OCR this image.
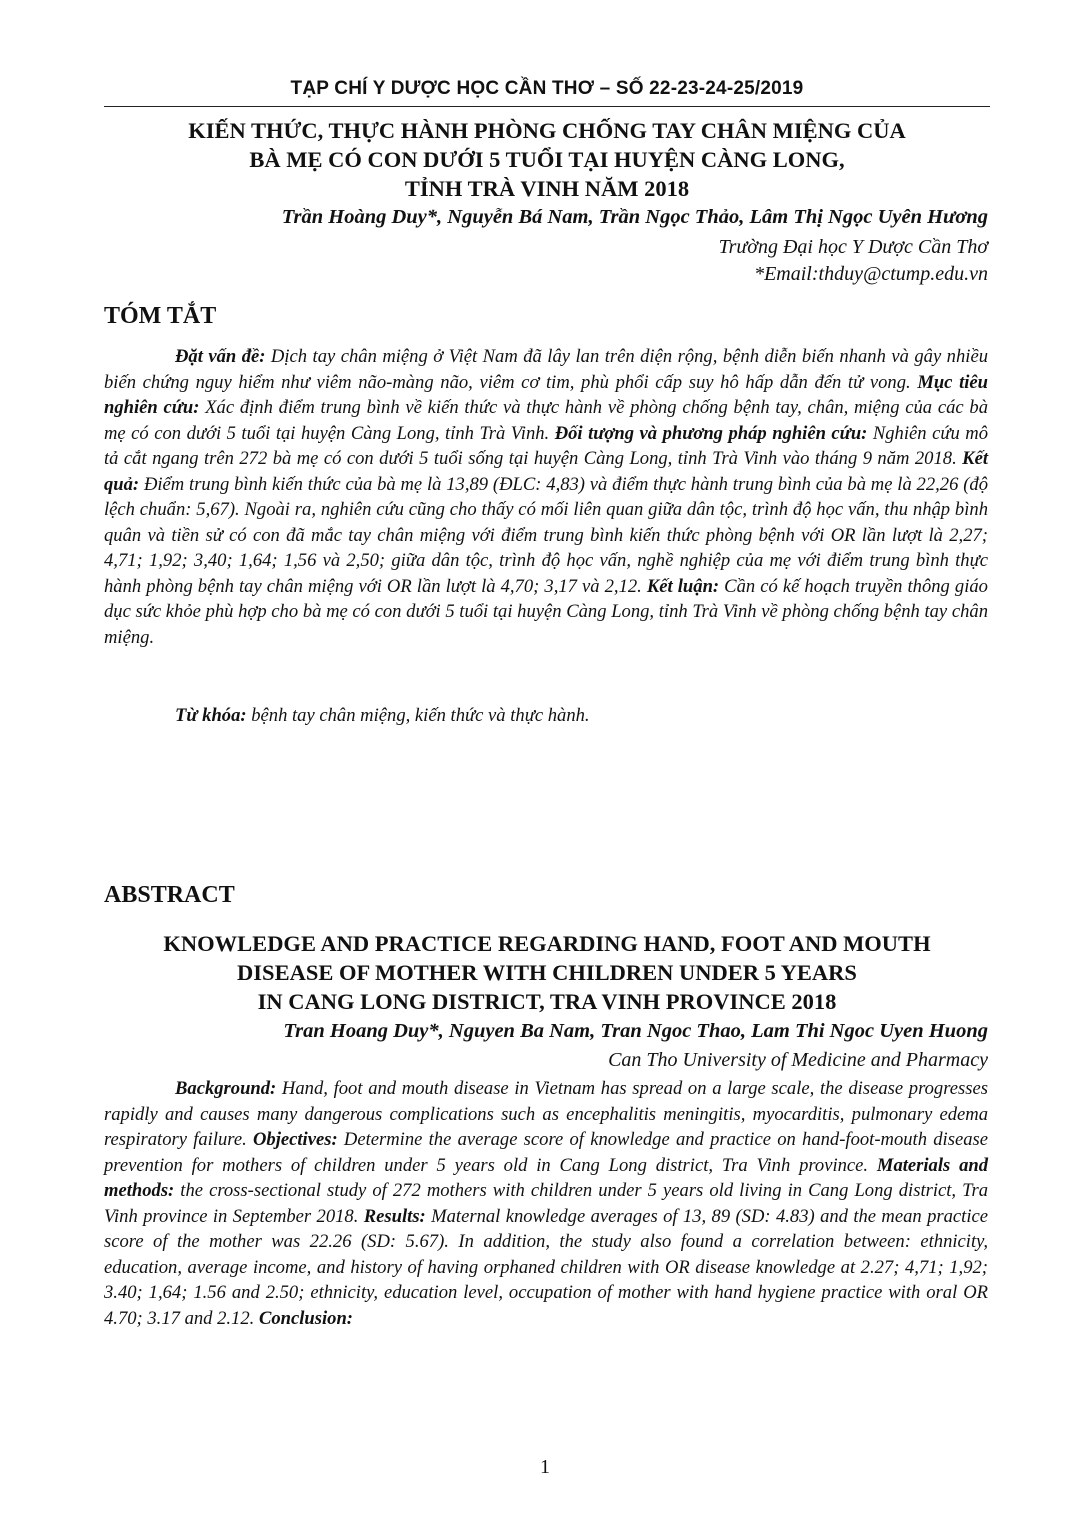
TẠP CHÍ Y DƯỢC HỌC CẦN THƠ – SỐ 22-23-24-25/2019
KIẾN THỨC, THỰC HÀNH PHÒNG CHỐNG TAY CHÂN MIỆNG CỦA
BÀ MẸ CÓ CON DƯỚI 5 TUỔI TẠI HUYỆN CÀNG LONG,
TỈNH TRÀ VINH NĂM 2018
Trần Hoàng Duy*, Nguyễn Bá Nam, Trần Ngọc Thảo, Lâm Thị Ngọc Uyên Hương
Trường Đại học Y Dược Cần Thơ
*Email:thduy@ctump.edu.vn
TÓM TẮT
Đặt vấn đề: Dịch tay chân miệng ở Việt Nam đã lây lan trên diện rộng, bệnh diễn biến nhanh và gây nhiều biến chứng nguy hiểm như viêm não-màng não, viêm cơ tim, phù phổi cấp suy hô hấp dẫn đến tử vong. Mục tiêu nghiên cứu: Xác định điểm trung bình về kiến thức và thực hành về phòng chống bệnh tay, chân, miệng của các bà mẹ có con dưới 5 tuổi tại huyện Càng Long, tỉnh Trà Vinh. Đối tượng và phương pháp nghiên cứu: Nghiên cứu mô tả cắt ngang trên 272 bà mẹ có con dưới 5 tuổi sống tại huyện Càng Long, tỉnh Trà Vinh vào tháng 9 năm 2018. Kết quả: Điểm trung bình kiến thức của bà mẹ là 13,89 (ĐLC: 4,83) và điểm thực hành trung bình của bà mẹ là 22,26 (độ lệch chuẩn: 5,67). Ngoài ra, nghiên cứu cũng cho thấy có mối liên quan giữa dân tộc, trình độ học vấn, thu nhập bình quân và tiền sử có con đã mắc tay chân miệng với điểm trung bình kiến thức phòng bệnh với OR lần lượt là 2,27; 4,71; 1,92; 3,40; 1,64; 1,56 và 2,50; giữa dân tộc, trình độ học vấn, nghề nghiệp của mẹ với điểm trung bình thực hành phòng bệnh tay chân miệng với OR lần lượt là 4,70; 3,17 và 2,12. Kết luận: Cần có kế hoạch truyền thông giáo dục sức khỏe phù hợp cho bà mẹ có con dưới 5 tuổi tại huyện Càng Long, tỉnh Trà Vinh về phòng chống bệnh tay chân miệng.
Từ khóa: bệnh tay chân miệng, kiến thức và thực hành.
ABSTRACT
KNOWLEDGE AND PRACTICE REGARDING HAND, FOOT AND MOUTH
DISEASE OF MOTHER WITH CHILDREN UNDER 5 YEARS
IN CANG LONG DISTRICT, TRA VINH PROVINCE 2018
Tran Hoang Duy*, Nguyen Ba Nam, Tran Ngoc Thao, Lam Thi Ngoc Uyen Huong
Can Tho University of Medicine and Pharmacy
Background: Hand, foot and mouth disease in Vietnam has spread on a large scale, the disease progresses rapidly and causes many dangerous complications such as encephalitis meningitis, myocarditis, pulmonary edema respiratory failure. Objectives: Determine the average score of knowledge and practice on hand-foot-mouth disease prevention for mothers of children under 5 years old in Cang Long district, Tra Vinh province. Materials and methods: the cross-sectional study of 272 mothers with children under 5 years old living in Cang Long district, Tra Vinh province in September 2018. Results: Maternal knowledge averages of 13, 89 (SD: 4.83) and the mean practice score of the mother was 22.26 (SD: 5.67). In addition, the study also found a correlation between: ethnicity, education, average income, and history of having orphaned children with OR disease knowledge at 2.27; 4,71; 1,92; 3.40; 1,64; 1.56 and 2.50; ethnicity, education level, occupation of mother with hand hygiene practice with oral OR 4.70; 3.17 and 2.12. Conclusion:
1
